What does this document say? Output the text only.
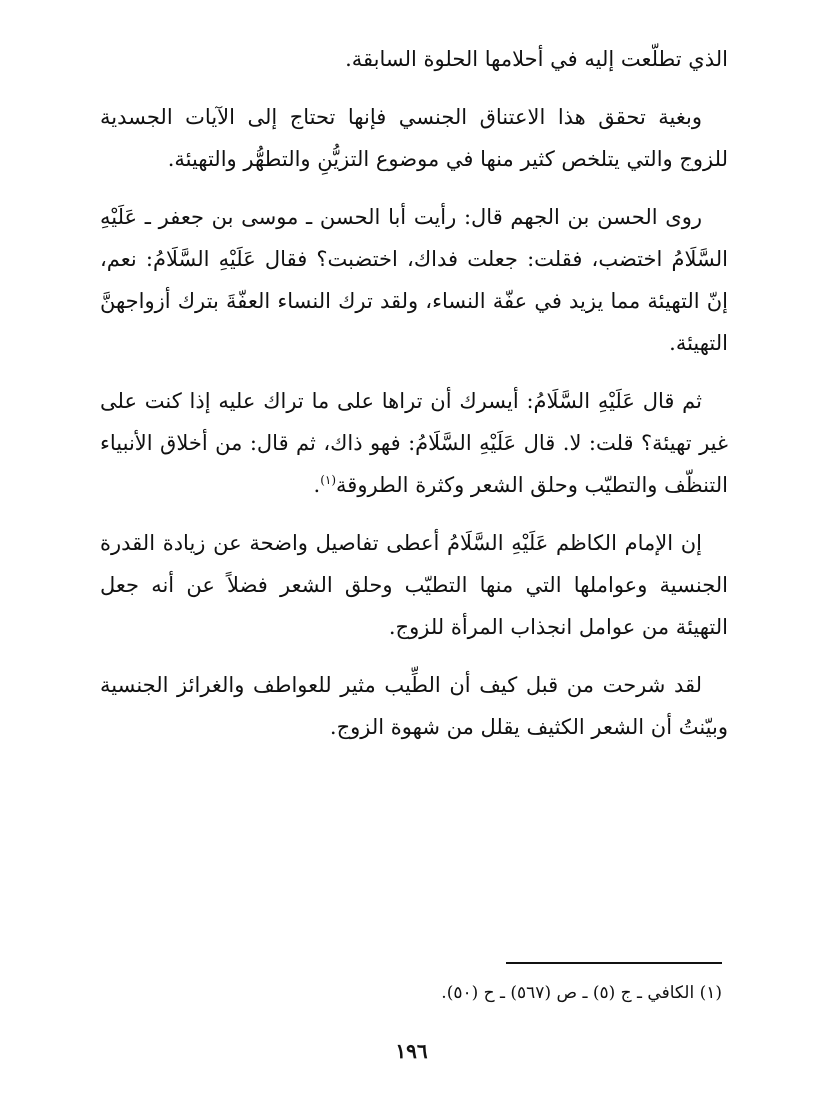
الذي تطلّعت إليه في أحلامها الحلوة السابقة.

وبغية تحقق هذا الاعتناق الجنسي فإنها تحتاج إلى الآيات الجسدية للزوج والتي يتلخص كثير منها في موضوع التزيُّنِ والتطهُّر والتهيئة.

روى الحسن بن الجهم قال: رأيت أبا الحسن ـ موسى بن جعفر ـ عَلَيْهِ السَّلَامُ اختضب، فقلت: جعلت فداك، اختضبت؟ فقال عَلَيْهِ السَّلَامُ: نعم، إنّ التهيئة مما يزيد في عفّة النساء، ولقد ترك النساء العفّةَ بترك أزواجهنَّ التهيئة.

ثم قال عَلَيْهِ السَّلَامُ: أيسرك أن تراها على ما تراك عليه إذا كنت على غير تهيئة؟ قلت: لا. قال عَلَيْهِ السَّلَامُ: فهو ذاك، ثم قال: من أخلاق الأنبياء التنظّف والتطيّب وحلق الشعر وكثرة الطروقة$^{(١)}$.

إن الإمام الكاظم عَلَيْهِ السَّلَامُ أعطى تفاصيل واضحة عن زيادة القدرة الجنسية وعواملها التي منها التطيّب وحلق الشعر فضلاً عن أنه جعل التهيئة من عوامل انجذاب المرأة للزوج.

لقد شرحت من قبل كيف أن الطِّيب مثير للعواطف والغرائز الجنسية وبيّنتُ أن الشعر الكثيف يقلل من شهوة الزوج.

(١) الكافي ـ ج (٥) ـ ص (٥٦٧) ـ ح (٥٠).
١٩٦
